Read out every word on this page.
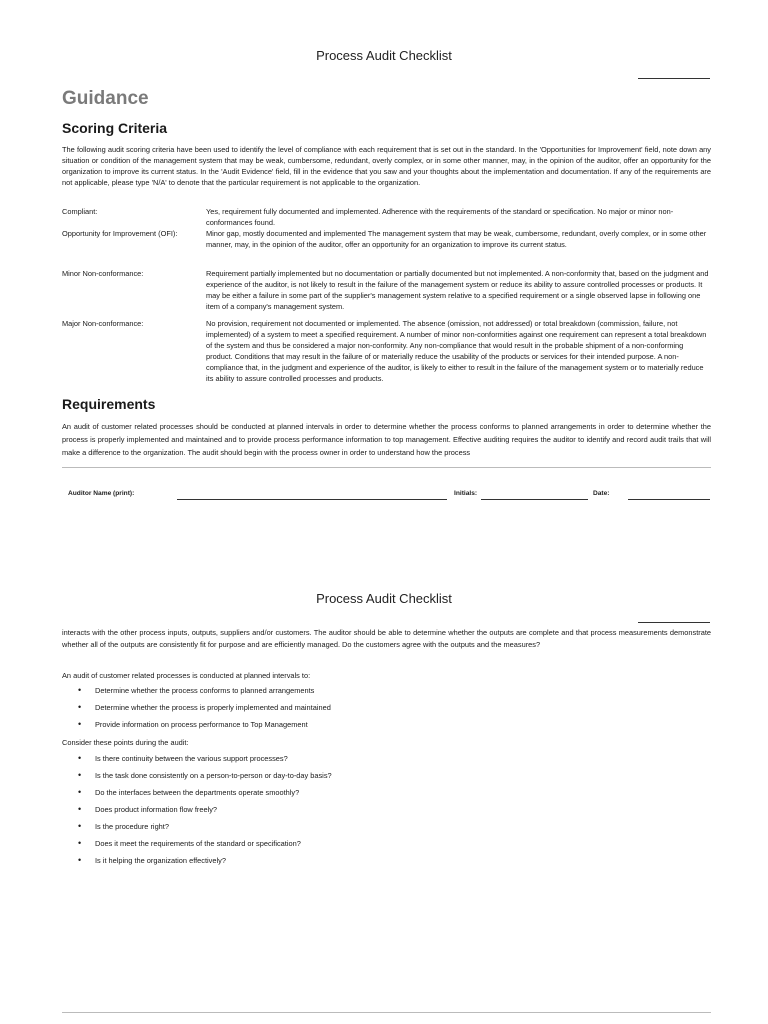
Process Audit Checklist
Guidance
Scoring Criteria
The following audit scoring criteria have been used to identify the level of compliance with each requirement that is set out in the standard. In the 'Opportunities for Improvement' field, note down any situation or condition of the management system that may be weak, cumbersome, redundant, overly complex, or in some other manner, may, in the opinion of the auditor, offer an opportunity for the organization to improve its current status. In the 'Audit Evidence' field, fill in the evidence that you saw and your thoughts about the implementation and documentation. If any of the requirements are not applicable, please type 'N/A' to denote that the particular requirement is not applicable to the organization.
Compliant:	Yes, requirement fully documented and implemented. Adherence with the requirements of the standard or specification. No major or minor non-conformances found.
Opportunity for Improvement (OFI):	Minor gap, mostly documented and implemented The management system that may be weak, cumbersome, redundant, overly complex, or in some other manner, may, in the opinion of the auditor, offer an opportunity for an organization to improve its current status.
Minor Non-conformance:	Requirement partially implemented but no documentation or partially documented but not implemented. A non-conformity that, based on the judgment and experience of the auditor, is not likely to result in the failure of the management system or reduce its ability to assure controlled processes or products. It may be either a failure in some part of the supplier's management system relative to a specified requirement or a single observed lapse in following one item of a company's management system.
Major Non-conformance:	No provision, requirement not documented or implemented. The absence (omission, not addressed) or total breakdown (commission, failure, not implemented) of a system to meet a specified requirement. A number of minor non-conformities against one requirement can represent a total breakdown of the system and thus be considered a major non-conformity. Any non-compliance that would result in the probable shipment of a non-conforming product. Conditions that may result in the failure of or materially reduce the usability of the products or services for their intended purpose. A non-compliance that, in the judgment and experience of the auditor, is likely to either to result in the failure of the management system or to materially reduce its ability to assure controlled processes and products.
Requirements
An audit of customer related processes should be conducted at planned intervals in order to determine whether the process conforms to planned arrangements in order to determine whether the process is properly implemented and maintained and to provide process performance information to top management. Effective auditing requires the auditor to identify and record audit trails that will make a difference to the organization. The audit should begin with the process owner in order to understand how the process
Auditor Name (print):	Initials:	Date:
Process Audit Checklist
interacts with the other process inputs, outputs, suppliers and/or customers. The auditor should be able to determine whether the outputs are complete and that process measurements demonstrate whether all of the outputs are consistently fit for purpose and are efficiently managed. Do the customers agree with the outputs and the measures?
An audit of customer related processes is conducted at planned intervals to:
• Determine whether the process conforms to planned arrangements
• Determine whether the process is properly implemented and maintained
• Provide information on process performance to Top Management
Consider these points during the audit:
• Is there continuity between the various support processes?
• Is the task done consistently on a person-to-person or day-to-day basis?
• Do the interfaces between the departments operate smoothly?
• Does product information flow freely?
• Is the procedure right?
• Does it meet the requirements of the standard or specification?
• Is it helping the organization effectively?
